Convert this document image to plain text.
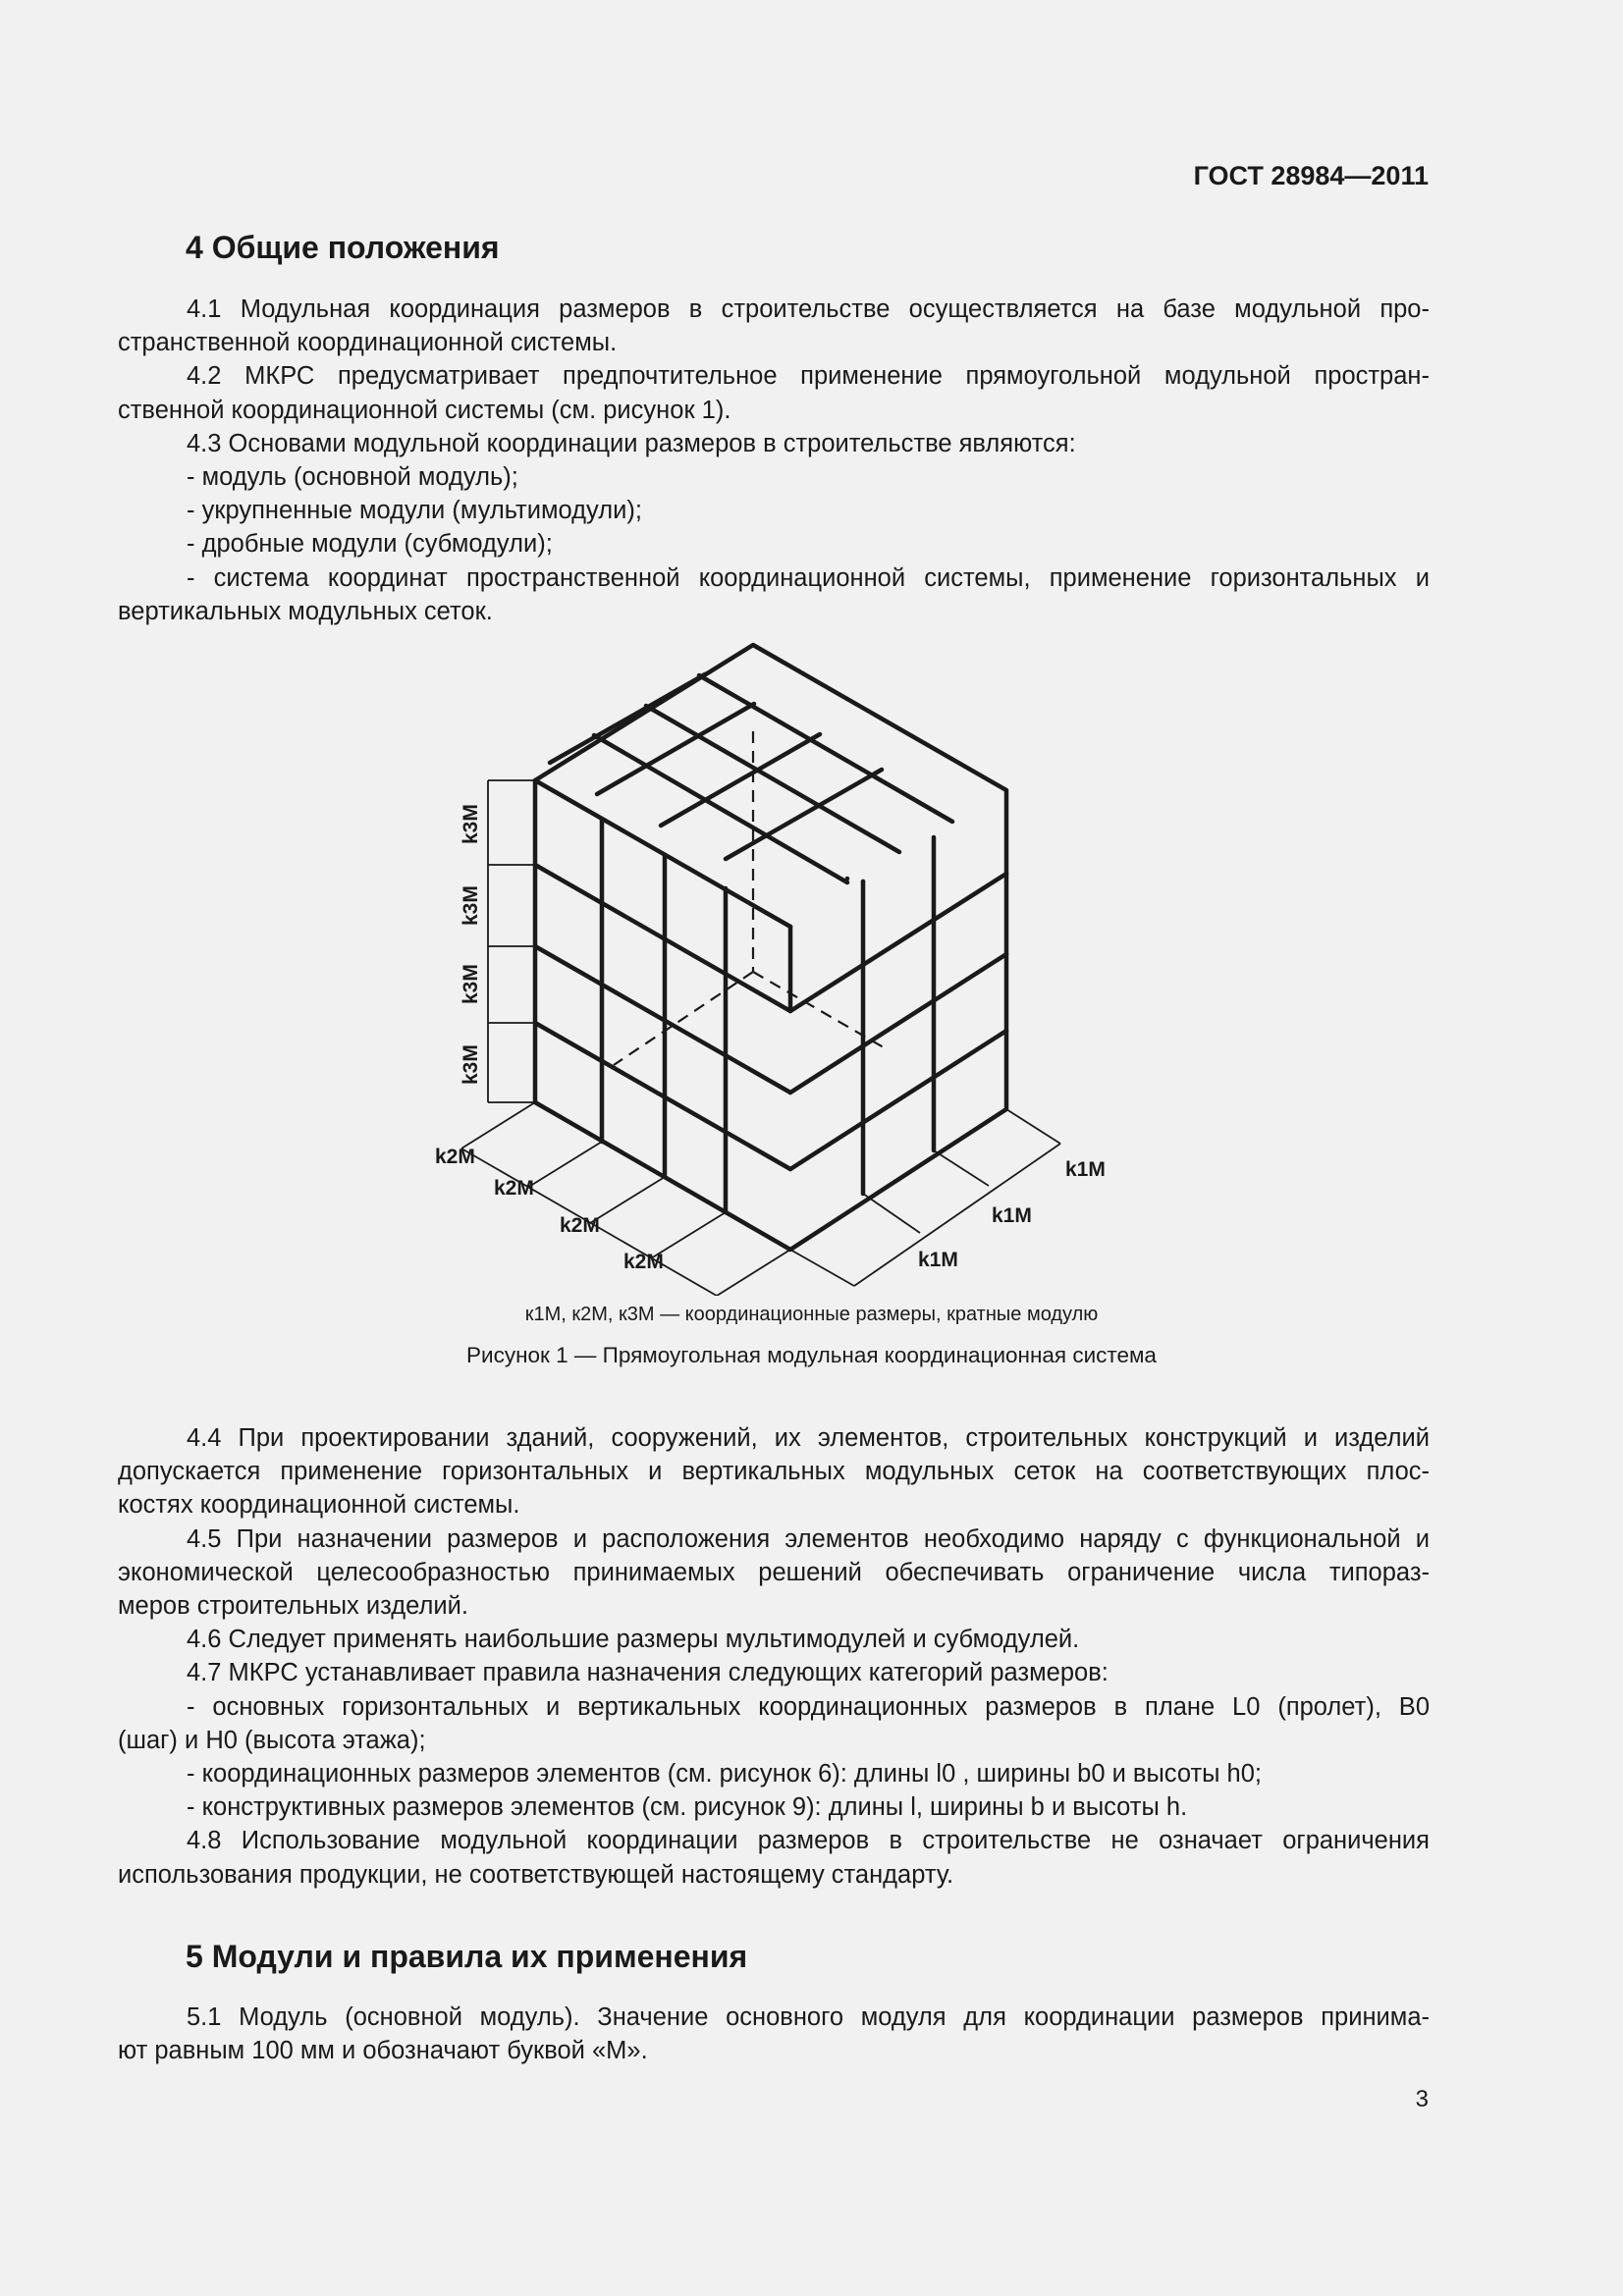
ГОСТ 28984—2011
4 Общие положения

4.1 Модульная координация размеров в строительстве осуществляется на базе модульной про-

странственной координационной системы.

4.2 МКРС предусматривает предпочтительное применение прямоугольной модульной простран-

ственной координационной системы (см. рисунок 1).

4.3 Основами модульной координации размеров в строительстве являются:

- модуль (основной модуль);

- укрупненные модули (мультимодули);

- дробные модули (субмодули);

- система координат пространственной координационной системы, применение горизонтальных и

вертикальных модульных сеток.

k3M
k3M
k3M
k3M
k2M
k2M
k2M
k2M
k1M
k1M
k1M
к1М, к2М, к3М — координационные размеры, кратные модулю
Рисунок 1 — Прямоугольная модульная координационная система

4.4 При проектировании зданий, сооружений, их элементов, строительных конструкций и изделий

допускается применение горизонтальных и вертикальных модульных сеток на соответствующих плос-

костях координационной системы.

4.5 При назначении размеров и расположения элементов необходимо наряду с функциональной и

экономической целесообразностью принимаемых решений обеспечивать ограничение числа типораз-

меров строительных изделий.

4.6 Следует применять наибольшие размеры мультимодулей и субмодулей.

4.7 МКРС устанавливает правила назначения следующих категорий размеров:

- основных горизонтальных и вертикальных координационных размеров в плане L0 (пролет), B0

(шаг) и H0 (высота этажа);

- координационных размеров элементов (см. рисунок 6): длины l0 , ширины b0 и высоты h0;

- конструктивных размеров элементов (см. рисунок 9): длины l, ширины b и высоты h.

4.8 Использование модульной координации размеров в строительстве не означает ограничения

использования продукции, не соответствующей настоящему стандарту.

5 Модули и правила их применения

5.1 Модуль (основной модуль). Значение основного модуля для координации размеров принима-

ют равным 100 мм и обозначают буквой «М».

3
